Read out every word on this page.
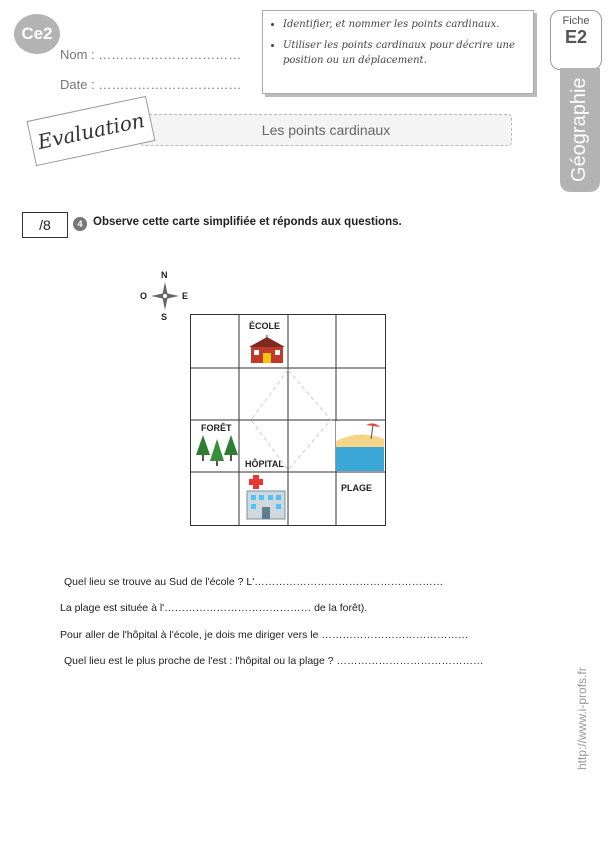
Ce2
Nom : ……………………………
Date : ……………………………
• Identifier, et nommer les points cardinaux.
• Utiliser les points cardinaux pour décrire une position ou un déplacement.
Fiche
E2
Géographie
Les points cardinaux
Evaluation
/8	4 Observe cette carte simplifiée et réponds aux questions.
N
S
O	E
ÉCOLE
FORÊT
HÔPITAL
PLAGE
Quel lieu se trouve au Sud de l'école ? L'………………………………………………
La plage est située à l'…………………………………… de la forêt).
Pour aller de l'hôpital à l'école, je dois me diriger vers le ……………………………………
Quel lieu est le plus proche de l'est : l'hôpital ou la plage ? ……………………………………
http://www.i-profs.fr
